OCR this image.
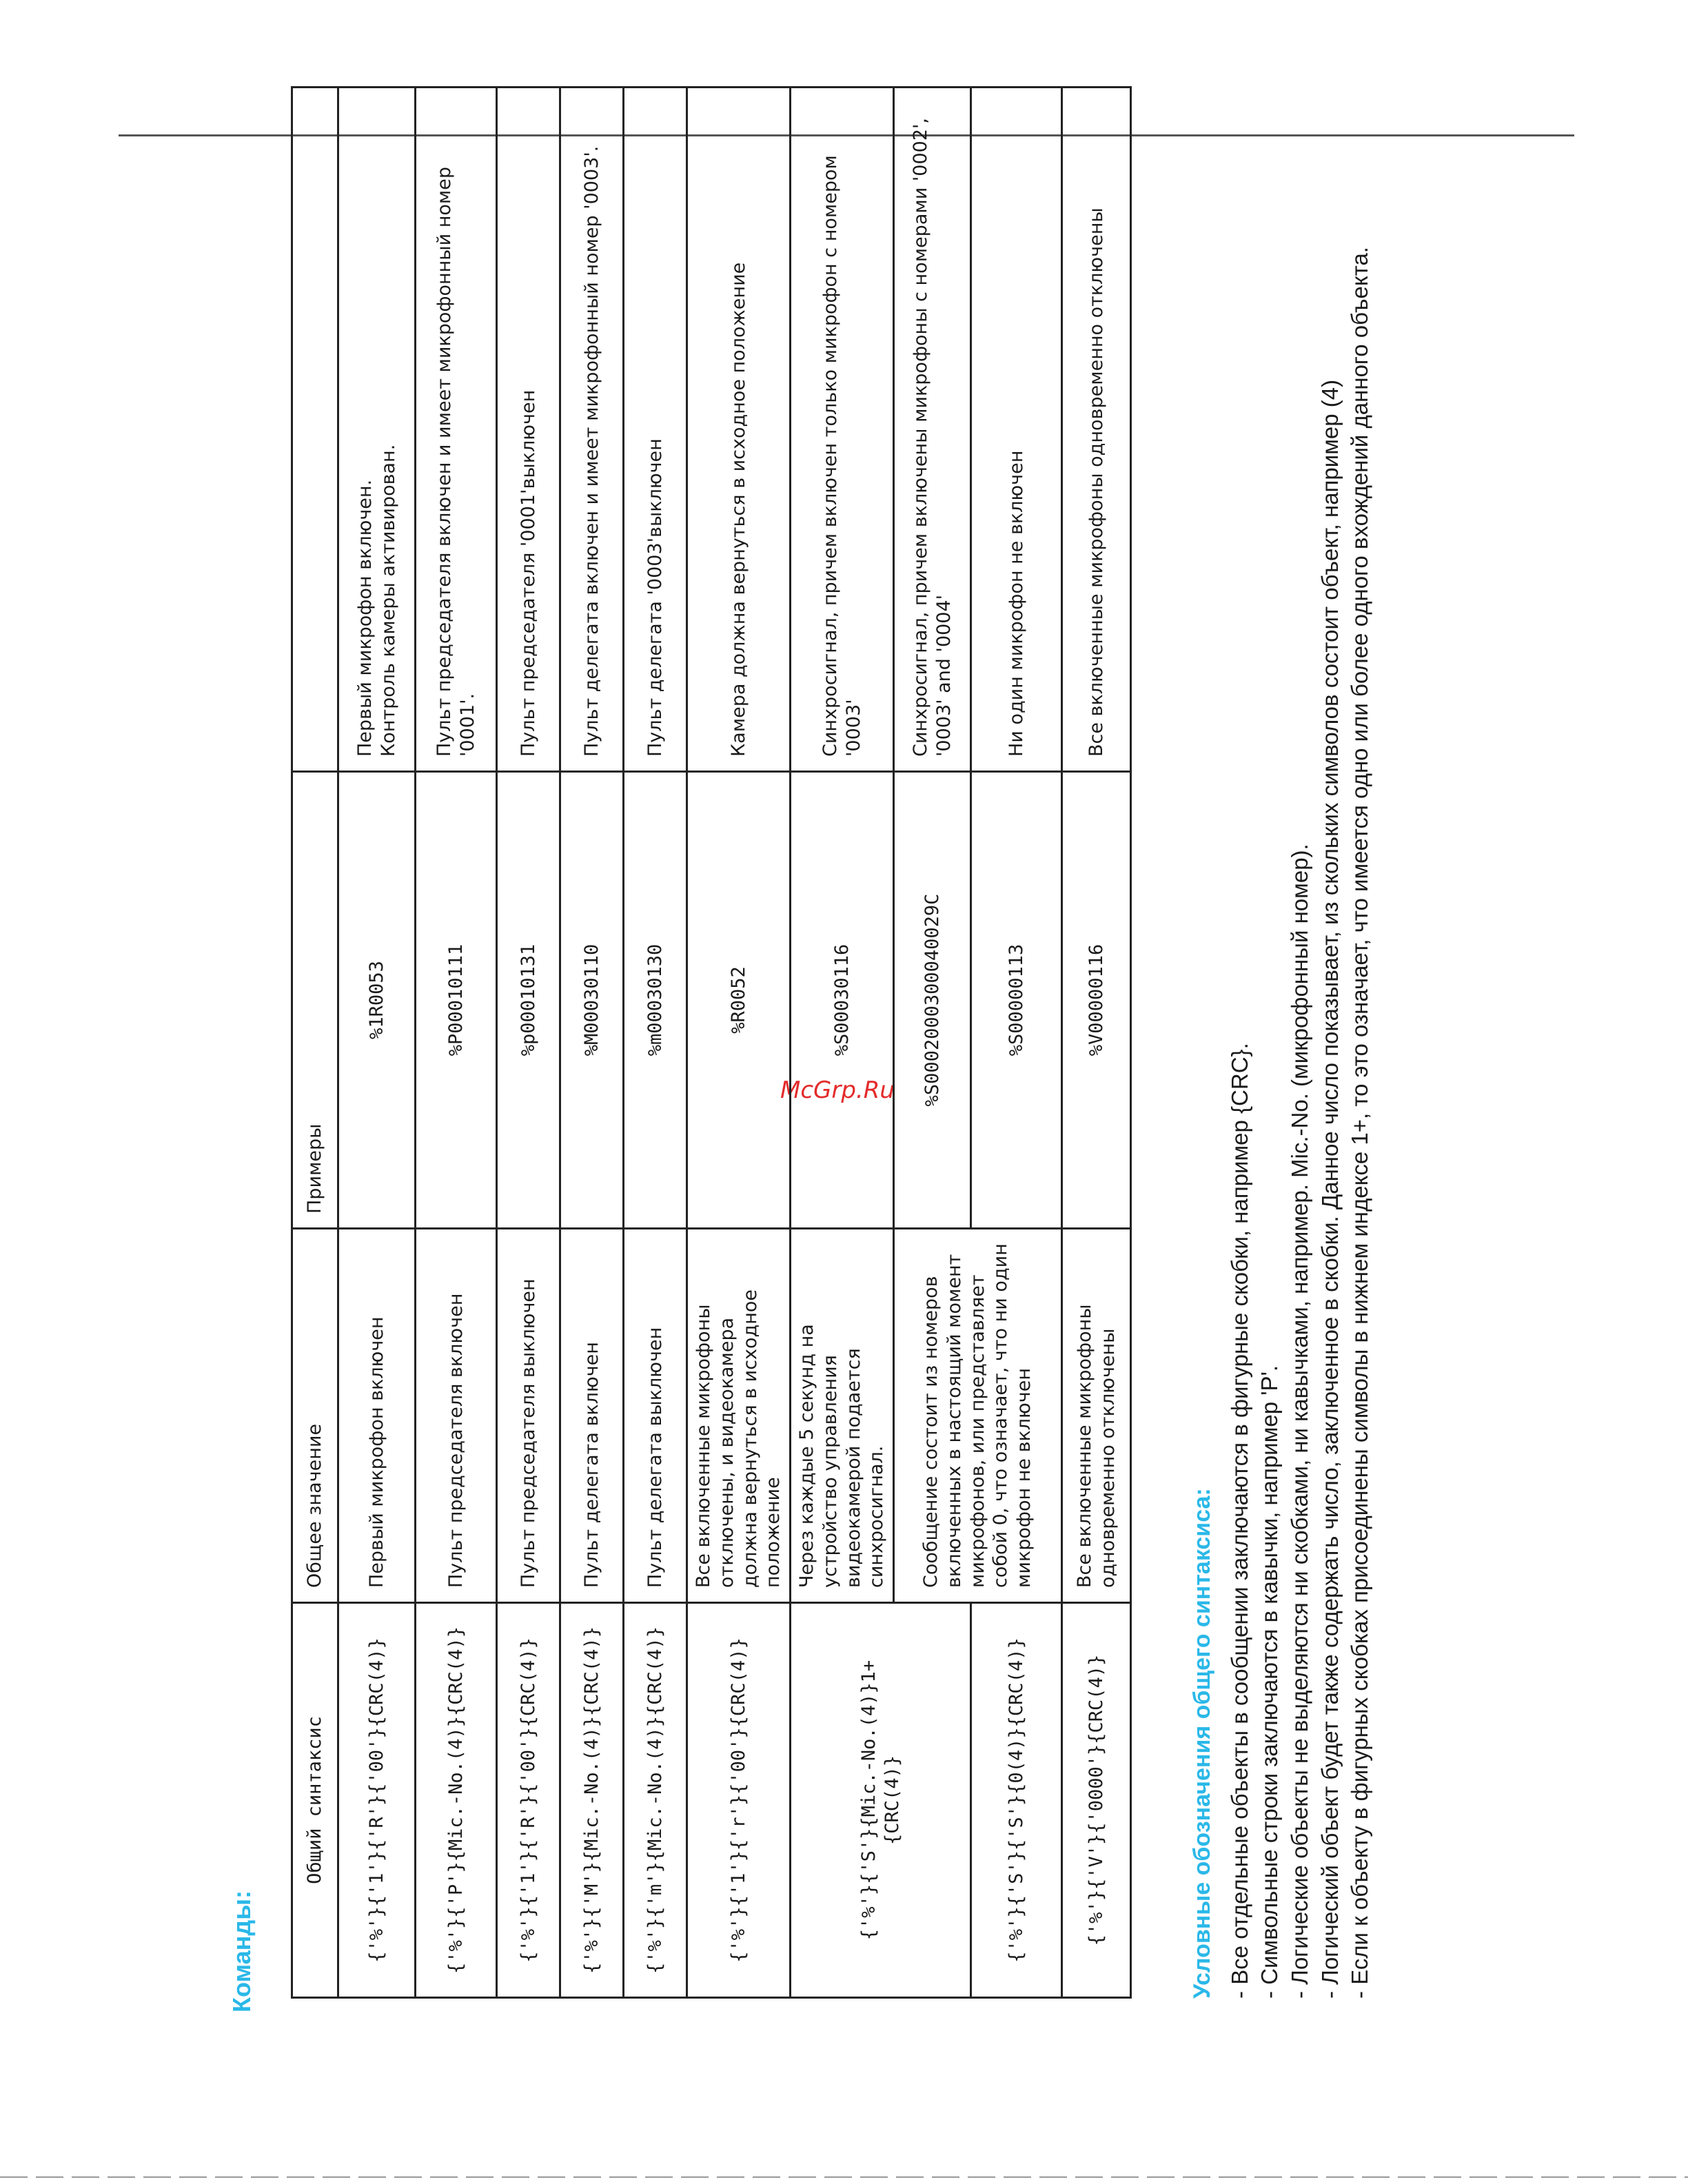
McGrp.Ru
Команды:
Общий синтаксис	Общее значение	Примеры	
{'%'}{'1'}{'R'}{'00'}{CRC(4)}	Первый микрофон включен	%1R0053	Первый микрофон включен.
Контроль камеры активирован.
{'%'}{'P'}{Mic.-No.(4)}{CRC(4)}	Пульт председателя включен	%P00010111	Пульт председателя включен и имеет микрофонный номер '0001'.
{'%'}{'1'}{'R'}{'00'}{CRC(4)}	Пульт председателя выключен	%p00010131	Пульт председателя '0001'выключен
{'%'}{'M'}{Mic.-No.(4)}{CRC(4)}	Пульт делегата включен	%M00030110	Пульт делегата включен и имеет микрофонный номер '0003'.
{'%'}{'m'}{Mic.-No.(4)}{CRC(4)}	Пульт делегата выключен	%m00030130	Пульт делегата '0003'выключен
{'%'}{'1'}{'r'}{'00'}{CRC(4)}	Все включенные микрофоны отключены, и видеокамера должна вернуться в исходное положение	%R0052	Камера должна вернуться в исходное положение
{'%'}{'S'}{Mic.-No.(4)}1+{CRC(4)}	Через каждые 5 секунд на устройство управления видеокамерой подается синхросигнал.	%S00030116	Синхросигнал, причем включен только микрофон с номером '0003'
	Сообщение состоит из номеров включенных в настоящий момент микрофонов, или представляет собой 0, что означает, что ни один микрофон не включен	%S0002000300040029C	Синхросигнал, причем включены микрофоны с номерами '0002', '0003' and '0004'
{'%'}{'S'}{'S'}{0(4)}{CRC(4)}		%S00000113	Ни один микрофон не включен
{'%'}{'V'}{'0000'}{CRC(4)}	Все включенные микрофоны одновременно отключены	%V00000116	Все включенные микрофоны одновременно отключены
Условные обозначения общего синтаксиса: - Все отдельные объекты в сообщении заключаются в фигурные скобки, например {CRC}. - Символьные строки заключаются в кавычки, например 'P'. - Логические объекты не выделяются ни скобками, ни кавычками, например. Mic.-No. (микрофонный номер). - Логический объект будет также содержать число, заключенное в скобки. Данное число показывает, из скольких символов состоит объект, например (4) - Если к объекту в фигурных скобках присоединены символы в нижнем индексе 1+, то это означает, что имеется одно или более одного вхождений данного объекта.
